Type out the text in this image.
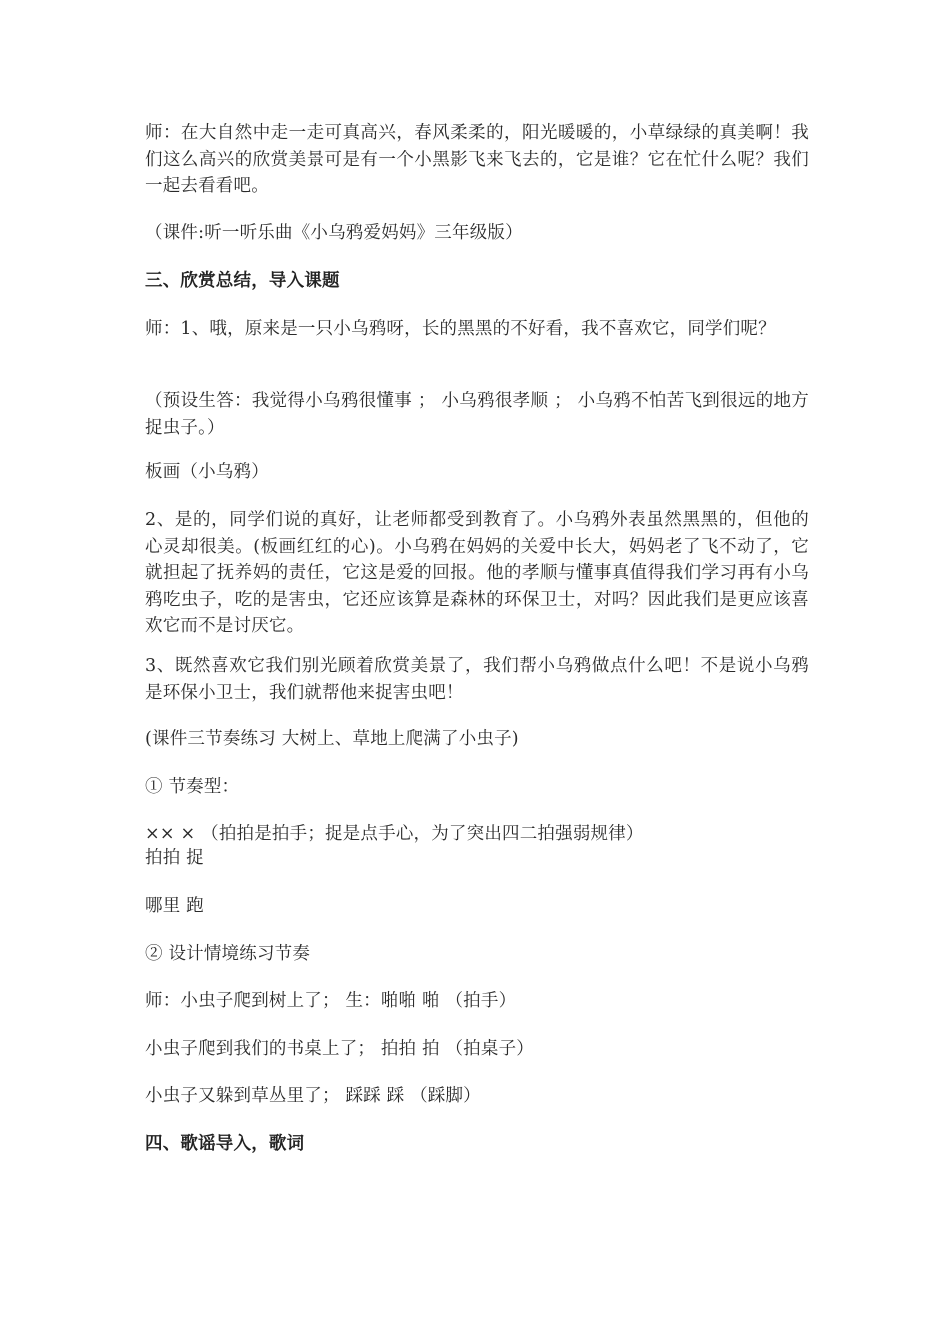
师：在大自然中走一走可真高兴，春风柔柔的，阳光暖暖的，小草绿绿的真美啊！我们这么高兴的欣赏美景可是有一个小黑影飞来飞去的，它是谁？它在忙什么呢？我们一起去看看吧。

（课件:听一听乐曲《小乌鸦爱妈妈》三年级版）

三、欣赏总结，导入课题

师：1、哦，原来是一只小乌鸦呀，长的黑黑的不好看，我不喜欢它，同学们呢？

（预设生答：我觉得小乌鸦很懂事 ； 小乌鸦很孝顺 ； 小乌鸦不怕苦飞到很远的地方捉虫子。）

板画（小乌鸦）

2、是的，同学们说的真好，让老师都受到教育了。小乌鸦外表虽然黑黑的，但他的心灵却很美。(板画红红的心)。小乌鸦在妈妈的关爱中长大，妈妈老了飞不动了，它就担起了抚养妈的责任，它这是爱的回报。他的孝顺与懂事真值得我们学习再有小乌鸦吃虫子，吃的是害虫，它还应该算是森林的环保卫士，对吗？因此我们是更应该喜欢它而不是讨厌它。

3、既然喜欢它我们别光顾着欣赏美景了，我们帮小乌鸦做点什么吧！不是说小乌鸦是环保小卫士，我们就帮他来捉害虫吧！

(课件三节奏练习 大树上、草地上爬满了小虫子)

① 节奏型：

×× × （拍拍是拍手；捉是点手心，为了突出四二拍强弱规律）

拍拍 捉

哪里 跑

② 设计情境练习节奏

师：小虫子爬到树上了； 生：啪啪 啪 （拍手）

小虫子爬到我们的书桌上了； 拍拍 拍 （拍桌子）

小虫子又躲到草丛里了； 踩踩 踩 （踩脚）

四、歌谣导入，歌词
